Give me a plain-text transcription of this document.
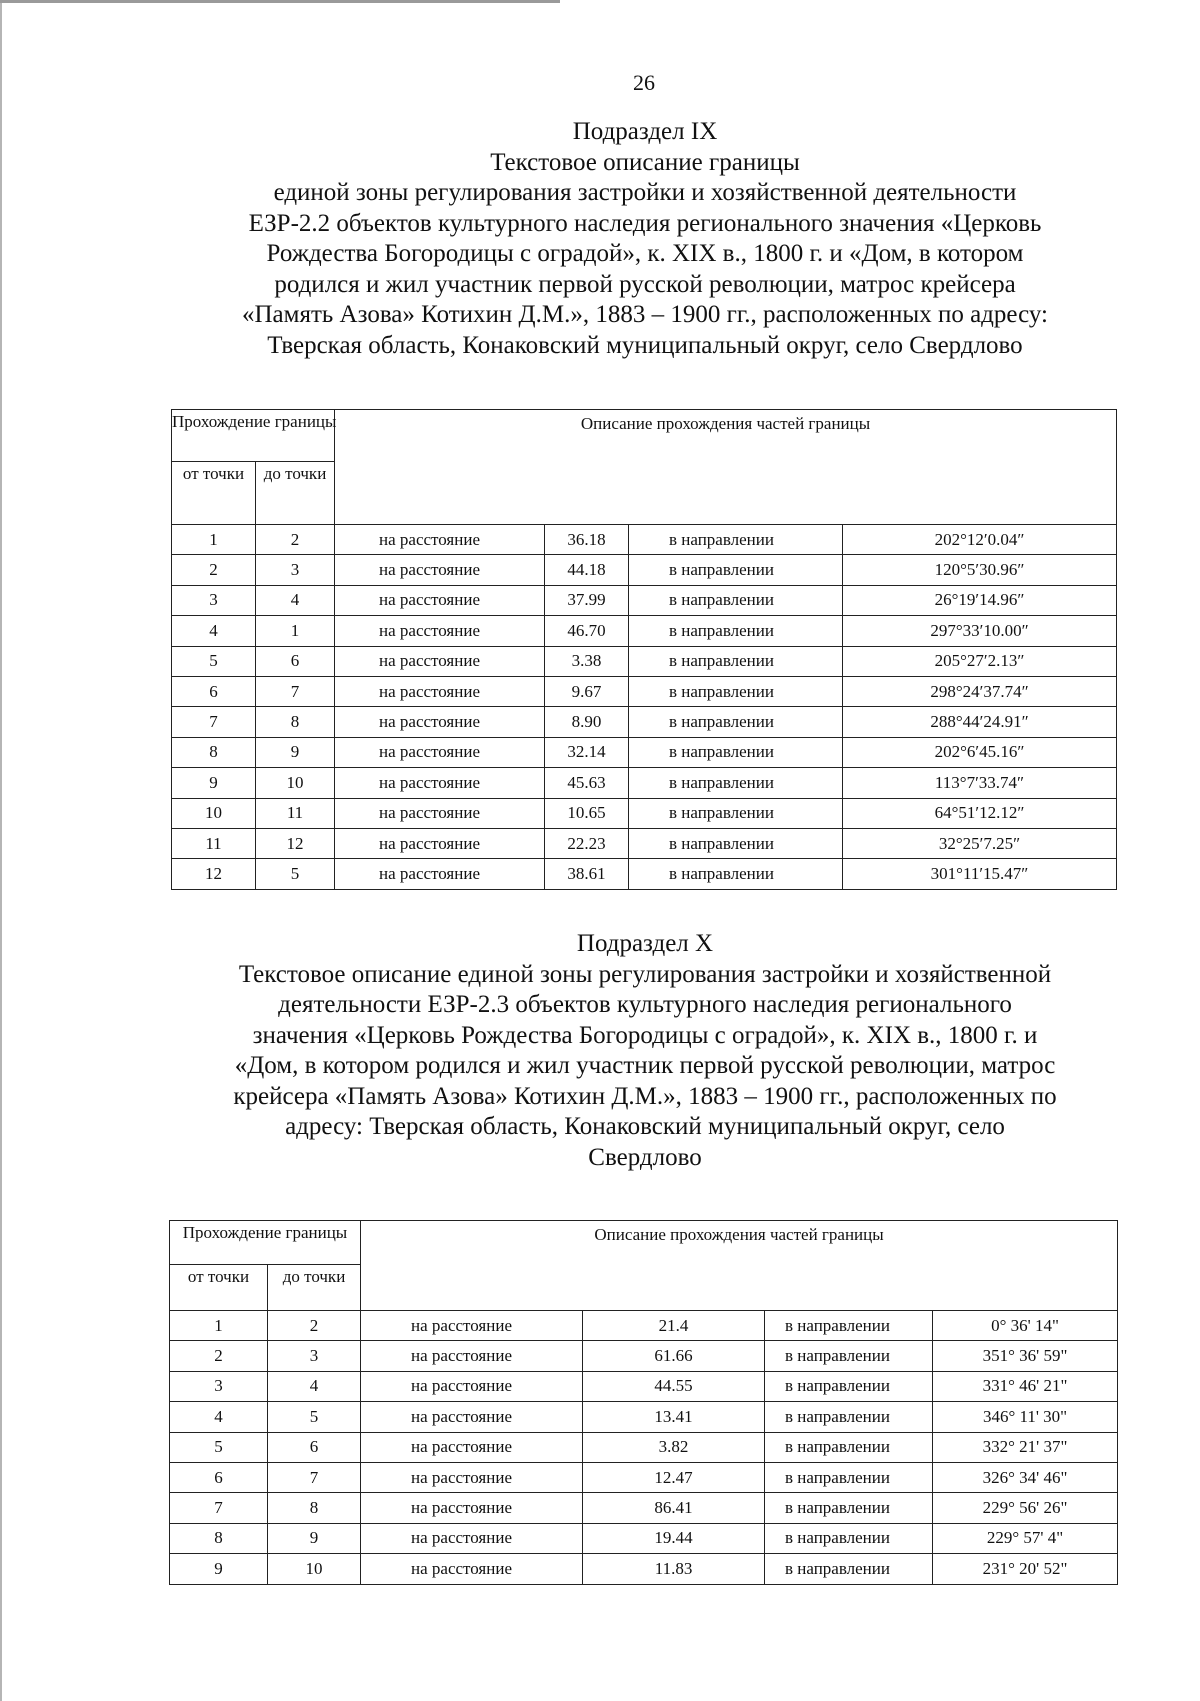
26
Подраздел IX
Текстовое описание границы
единой зоны регулирования застройки и хозяйственной деятельности
ЕЗР-2.2 объектов культурного наследия регионального значения «Церковь
Рождества Богородицы с оградой», к. XIX в., 1800 г. и «Дом, в котором
родился и жил участник первой русской революции, матрос крейсера
«Память Азова» Котихин Д.М.», 1883 – 1900 гг., расположенных по адресу:
Тверская область, Конаковский муниципальный округ, село Свердлово
Прохождение границы		Описание прохождения частей границы			
от точки	до точки				
1	2	на расстояние	36.18	в направлении	202°12′0.04″
2	3	на расстояние	44.18	в направлении	120°5′30.96″
3	4	на расстояние	37.99	в направлении	26°19′14.96″
4	1	на расстояние	46.70	в направлении	297°33′10.00″
5	6	на расстояние	3.38	в направлении	205°27′2.13″
6	7	на расстояние	9.67	в направлении	298°24′37.74″
7	8	на расстояние	8.90	в направлении	288°44′24.91″
8	9	на расстояние	32.14	в направлении	202°6′45.16″
9	10	на расстояние	45.63	в направлении	113°7′33.74″
10	11	на расстояние	10.65	в направлении	64°51′12.12″
11	12	на расстояние	22.23	в направлении	32°25′7.25″
12	5	на расстояние	38.61	в направлении	301°11′15.47″
Подраздел X
Текстовое описание единой зоны регулирования застройки и хозяйственной
деятельности ЕЗР-2.3 объектов культурного наследия регионального
значения «Церковь Рождества Богородицы с оградой», к. XIX в., 1800 г. и
«Дом, в котором родился и жил участник первой русской революции, матрос
крейсера «Память Азова» Котихин Д.М.», 1883 – 1900 гг., расположенных по
адресу: Тверская область, Конаковский муниципальный округ, село
Свердлово
Прохождение границы		Описание прохождения частей границы			
от точки	до точки				
1	2	на расстояние	21.4	в направлении	0° 36' 14"
2	3	на расстояние	61.66	в направлении	351° 36' 59"
3	4	на расстояние	44.55	в направлении	331° 46' 21"
4	5	на расстояние	13.41	в направлении	346° 11' 30"
5	6	на расстояние	3.82	в направлении	332° 21' 37"
6	7	на расстояние	12.47	в направлении	326° 34' 46"
7	8	на расстояние	86.41	в направлении	229° 56' 26"
8	9	на расстояние	19.44	в направлении	229° 57' 4"
9	10	на расстояние	11.83	в направлении	231° 20' 52"
